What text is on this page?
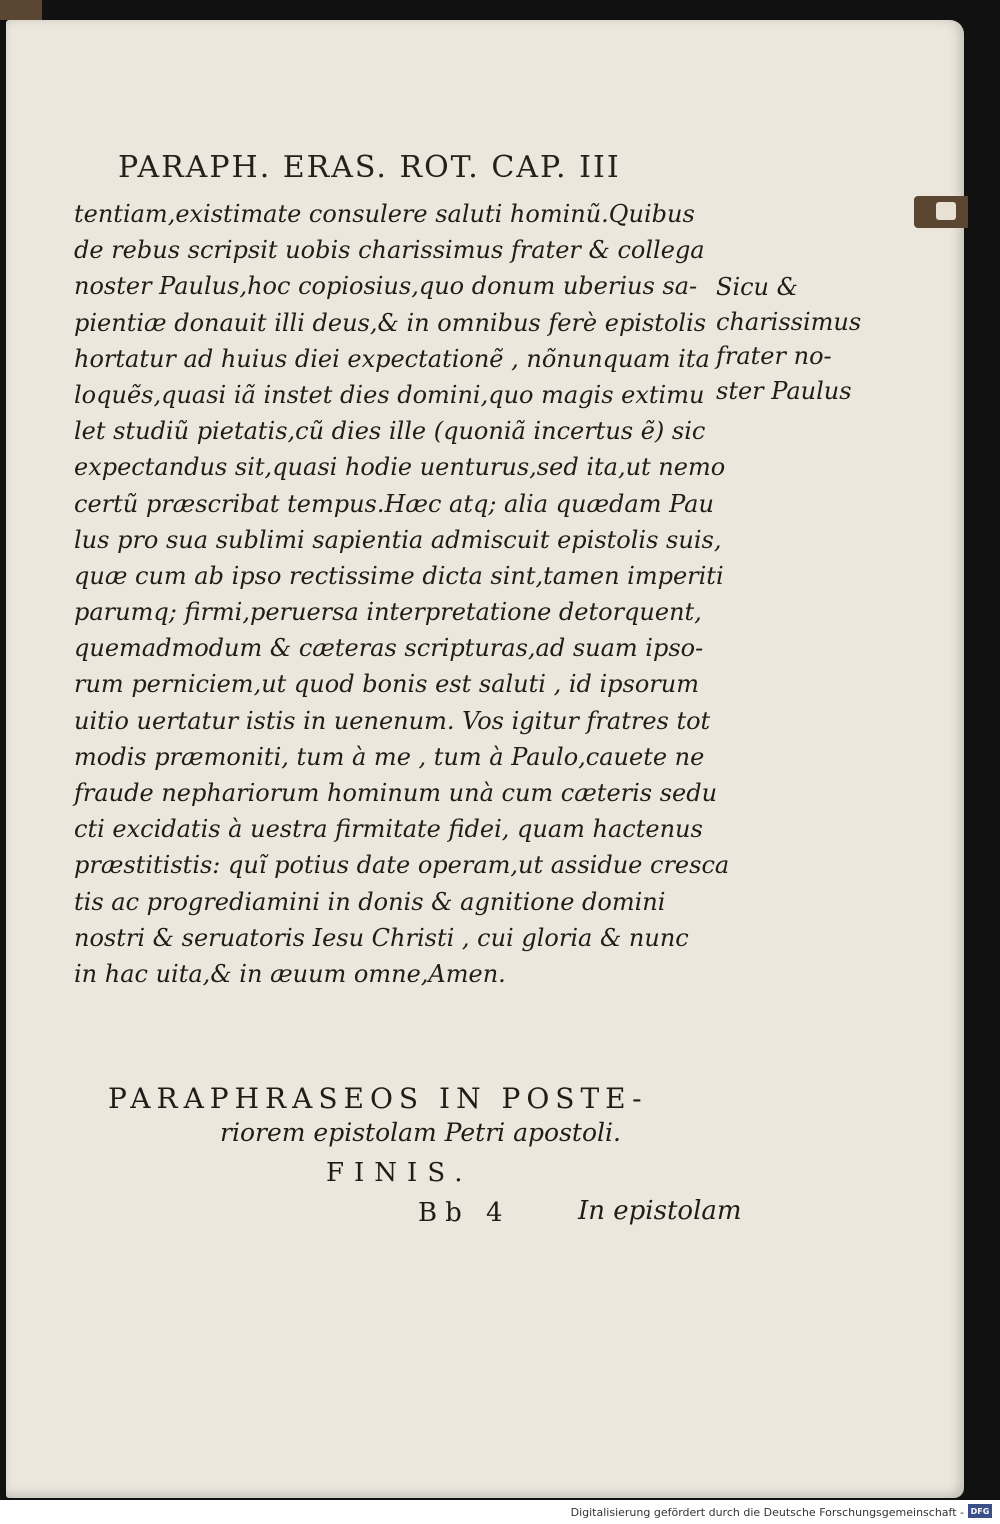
PARAPH. ERAS. ROT. CAP. III
tentiam,existimate consulere saluti hominũ.Quibus
de rebus scripsit uobis charissimus frater & collega
noster Paulus,hoc copiosius,quo donum uberius sa-
pientiæ donauit illi deus,& in omnibus ferè epistolis
hortatur ad huius diei expectationẽ , nõnunquam ita
loquẽs,quasi iã instet dies domini,quo magis extimu
let studiũ pietatis,cũ dies ille (quoniã incertus ẽ) sic
expectandus sit,quasi hodie uenturus,sed ita,ut nemo
certũ præscribat tempus.Hæc atq; alia quædam Pau
lus pro sua sublimi sapientia admiscuit epistolis suis,
quæ cum ab ipso rectissime dicta sint,tamen imperiti
parumq; firmi,peruersa interpretatione detorquent,
quemadmodum & cæteras scripturas,ad suam ipso-
rum perniciem,ut quod bonis est saluti , id ipsorum
uitio uertatur istis in uenenum. Vos igitur fratres tot
modis præmoniti, tum à me , tum à Paulo,cauete ne
fraude nephariorum hominum unà cum cæteris sedu
cti excidatis à uestra firmitate fidei, quam hactenus
præstitistis: quĩ potius date operam,ut assidue cresca
tis ac progrediamini in donis & agnitione domini
nostri & seruatoris Iesu Christi , cui gloria & nunc
in hac uita,& in æuum omne,Amen.
Sicu &
charissimus
frater no-
ster Paulus
PARAPHRASEOS IN POSTE-
riorem epistolam Petri apostoli.
FINIS.
Bb 4	In epistolam
Digitalisierung gefördert durch die Deutsche Forschungsgemeinschaft - DFG
